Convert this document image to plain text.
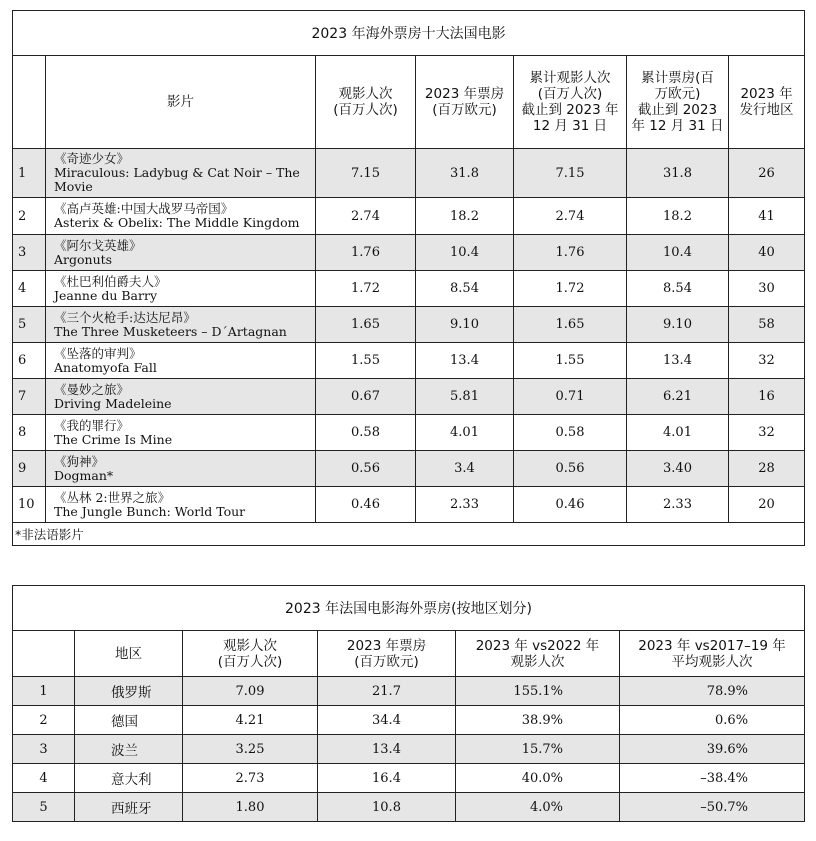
2023 年海外票房十大法国电影						
	影片	观影人次
(百万人次)	2023 年票房
(百万欧元)	累计观影人次
(百万人次)
截止到 2023 年
12 月 31 日	累计票房(百
万欧元)
截止到 2023
年 12 月 31 日	2023 年
发行地区
1	《奇迹少女》
Miraculous: Ladybug & Cat Noir – The Movie	7.15	31.8	7.15	31.8	26
2	《高卢英雄:中国大战罗马帝国》
Asterix & Obelix: The Middle Kingdom	2.74	18.2	2.74	18.2	41
3	《阿尔戈英雄》
Argonuts	1.76	10.4	1.76	10.4	40
4	《杜巴利伯爵夫人》
Jeanne du Barry	1.72	8.54	1.72	8.54	30
5	《三个火枪手:达达尼昂》
The Three Musketeers – D´Artagnan	1.65	9.10	1.65	9.10	58
6	《坠落的审判》
Anatomyofa Fall	1.55	13.4	1.55	13.4	32
7	《曼妙之旅》
Driving Madeleine	0.67	5.81	0.71	6.21	16
8	《我的罪行》
The Crime Is Mine	0.58	4.01	0.58	4.01	32
9	《狗神》
Dogman*	0.56	3.4	0.56	3.40	28
10	《丛林 2:世界之旅》
The Jungle Bunch: World Tour	0.46	2.33	0.46	2.33	20
*非法语影片						
2023 年法国电影海外票房(按地区划分)					
	地区	观影人次
(百万人次)	2023 年票房
(百万欧元)	2023 年 vs2022 年
观影人次	2023 年 vs2017–19 年
平均观影人次
1	俄罗斯	7.09	21.7	155.1%	78.9%
2	德国	4.21	34.4	38.9%	0.6%
3	波兰	3.25	13.4	15.7%	39.6%
4	意大利	2.73	16.4	40.0%	–38.4%
5	西班牙	1.80	10.8	4.0%	–50.7%
